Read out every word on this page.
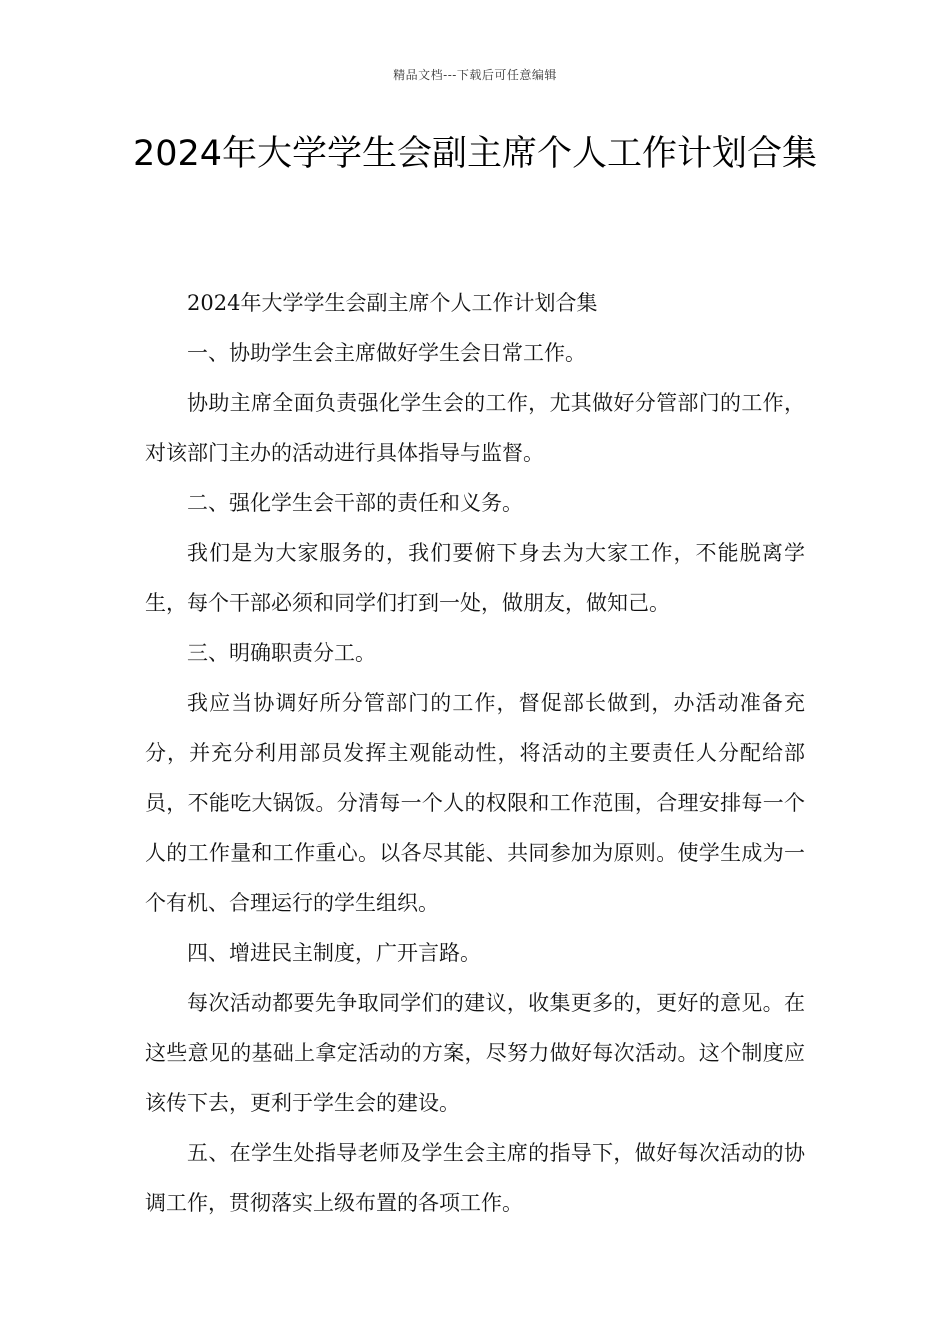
精品文档---下载后可任意编辑
2024年大学学生会副主席个人工作计划合集

2024年大学学生会副主席个人工作计划合集

一、协助学生会主席做好学生会日常工作。

协助主席全面负责强化学生会的工作，尤其做好分管部门的工作，对该部门主办的活动进行具体指导与监督。

二、强化学生会干部的责任和义务。

我们是为大家服务的，我们要俯下身去为大家工作，不能脱离学生，每个干部必须和同学们打到一处，做朋友，做知己。

三、明确职责分工。

我应当协调好所分管部门的工作，督促部长做到，办活动准备充分，并充分利用部员发挥主观能动性，将活动的主要责任人分配给部员，不能吃大锅饭。分清每一个人的权限和工作范围，合理安排每一个人的工作量和工作重心。以各尽其能、共同参加为原则。使学生成为一个有机、合理运行的学生组织。

四、增进民主制度，广开言路。

每次活动都要先争取同学们的建议，收集更多的，更好的意见。在这些意见的基础上拿定活动的方案，尽努力做好每次活动。这个制度应该传下去，更利于学生会的建设。

五、在学生处指导老师及学生会主席的指导下，做好每次活动的协调工作，贯彻落实上级布置的各项工作。
